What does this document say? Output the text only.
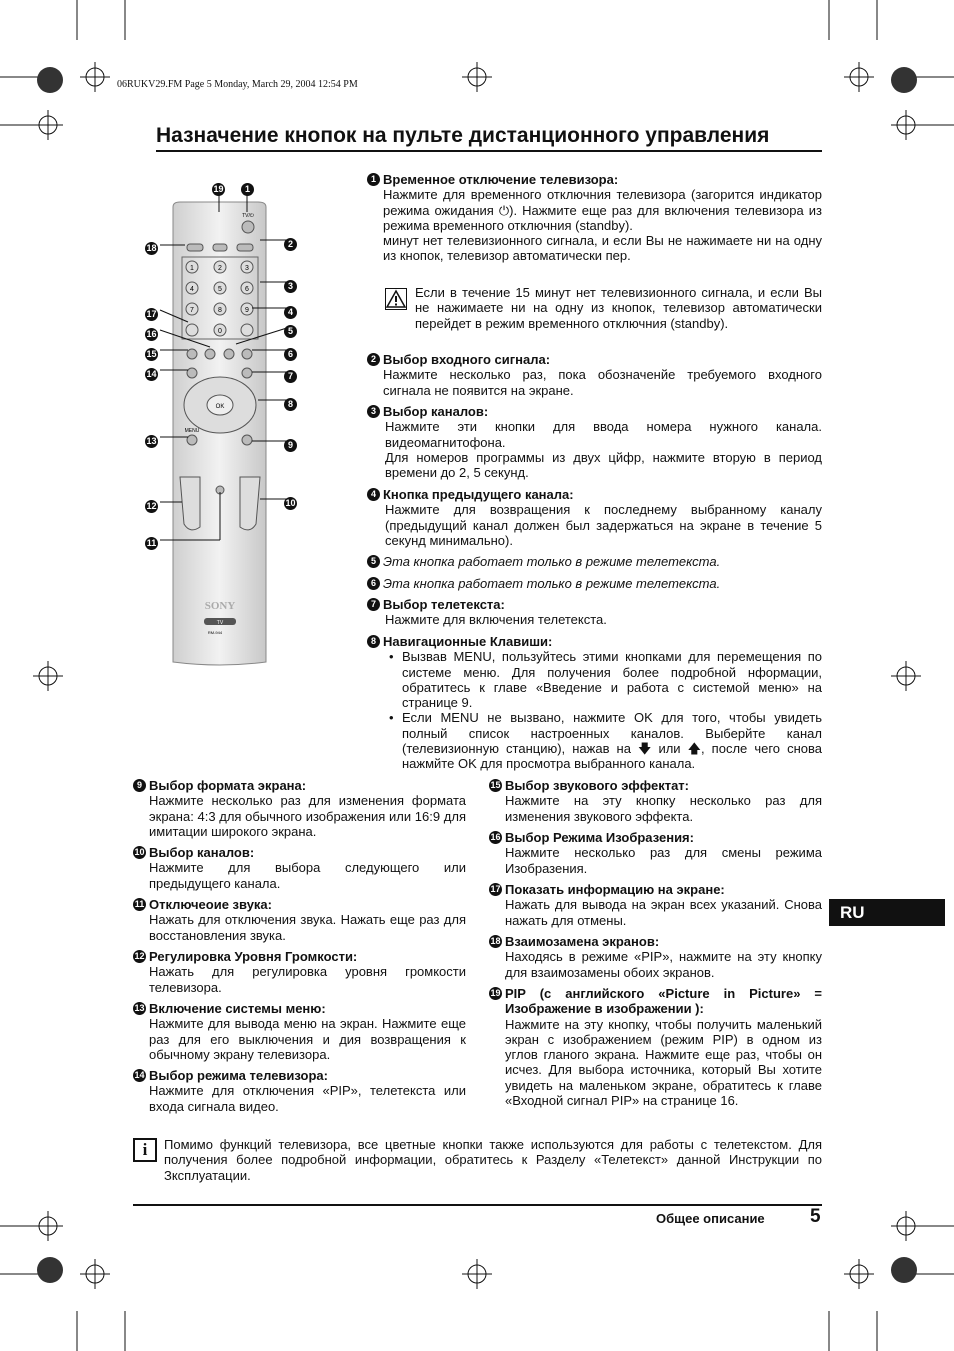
06RUKV29.FM Page 5 Monday, March 29, 2004 12:54 PM
Назначение кнопок на пульте дистанционного управления
TV/⏻
1	2	3
4	5	6
7	8	9
0
OK
MENU
SONY
TV
RM-944
19	1
18	2
3
17	4
16	5
15	6
14	7
8
13	9
12	10
11
1 Временное отключение телевизора:
Нажмите для временного отключния телевизора (загорится индикатор режима ожидания ⏻). Нажмите еще раз для включения телевизора из режима временного отключния (standby).
минут нет телевизионного сигнала, и если Вы не нажимаете ни на одну из кнопок, телевизор автоматически пер.
Если в течение 15 минут нет телевизионного сигнала, и если Вы не нажимаете ни на одну из кнопок, телевизор автоматически перейдет в режим временного отключния (standby).
2 Выбор входного сигнала:
Нажмите несколько раз, пока обозначенйе требуемого входного сигнала не появится на экране.
3 Выбор каналов:
Нажмите эти кнопки для ввода номера нужного канала. видеомагнитофона.
Для номеров программы из двух цйфр, нажмите вторую в период времени до 2, 5 секунд.
4 Кнопка предыдущего канала:
Нажмите для возвращения к последнему выбранному каналу (предыдущий канал должен был задержаться на экране в течение 5 секунд минимально).
5 Эта кнопка работает только в режиме телетекста.
6 Эта кнопка работает только в режиме телетекста.
7 Выбор телетекста:
Нажмите для включения телетекста.
8 Навигационные Клавиши:
• Вызвав MENU, пользуйтесь этими кнопками для перемещения по системе меню. Для получения более подробной нформации, обратитесь к главе «Введение и работа с системой меню» на странице 9.
• Если MENU не вызвано, нажмите OK для того, чтобы увидеть полный список настроенных каналов. Выберйте канал (телевизионную станцию), нажав на 🡇 или 🡅, после чего снова нажмйте OK для просмотра выбранного канала.
9 Выбор формата экрана:
Нажмите несколько раз для изменения формата экрана: 4:3 для обычного изображения или 16:9 для имитации широкого экрана.
10 Выбор каналов:
Нажмите для выбора следующего или предыдущего канала.
11 Отключеоие звука:
Нажать для отключения звука. Нажать еще раз для восстановления звука.
12 Регулировка Уровня Громкости:
Нажать для регулировка уровня громкости телевизора.
13 Включение системы меню:
Нажмите для вывода меню на экран. Нажмите еще раз для его выключения и дия возвращения к обычному экрану телевизора.
14 Выбор режима телевизора:
Нажмите для отключения «PIP», телетекста или входа сигнала видео.
15 Выбор звукового эффектат:
Нажмите на эту кнопку несколько раз для изменения звукового эффекта.
16 Выбор Режима Изобразения:
Нажмите несколько раз для смены режима Изобразения.
17 Показать информацию на экране:
Нажать для вывода на экран всех указаний. Снова нажать для отмены.
18 Взаимозамена экранов:
Находясь в режиме «PIP», нажмите на эту кнопку для взаимозамены обоих экранов.
19 PIP (с английского «Picture in Picture» = Изображение в изображении ):
Нажмите на эту кнопку, чтобы получить маленький экран с изображением (режим PIP) в одном из углов гланого экрана. Нажмите еще раз, чтобы он исчез. Для выбора источника, который Вы хотите увидеть на маленьком экране, обратитесь к главе «Входной сигнал PIP» на странице 16.
RU
i	Помимо функций телевизора, все цветные кнопки также используются для работы с телетекстом. Для получения более подробной информации, обратитесь к Разделу «Телетекст» данной Инструкции по Зксплуатации.
Общее описание 5
